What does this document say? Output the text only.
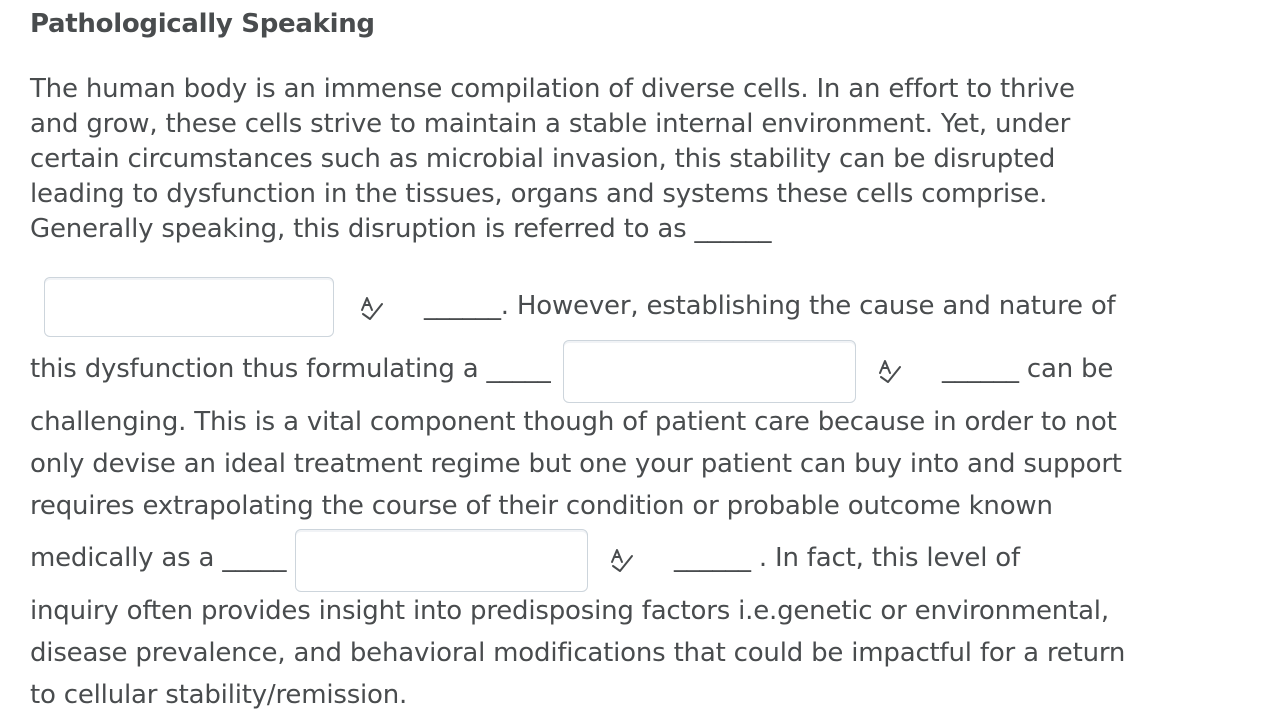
Pathologically Speaking
The human body is an immense compilation of diverse cells. In an effort to thrive
and grow, these cells strive to maintain a stable internal environment. Yet, under
certain circumstances such as microbial invasion, this stability can be disrupted
leading to dysfunction in the tissues, organs and systems these cells comprise.
Generally speaking, this disruption is referred to as ______
______. However, establishing the cause and nature of
this dysfunction thus formulating a _____	______ can be
challenging. This is a vital component though of patient care because in order to not
only devise an ideal treatment regime but one your patient can buy into and support
requires extrapolating the course of their condition or probable outcome known
medically as a _____	______ . In fact, this level of
inquiry often provides insight into predisposing factors i.e.genetic or environmental,
disease prevalence, and behavioral modifications that could be impactful for a return
to cellular stability/remission.
